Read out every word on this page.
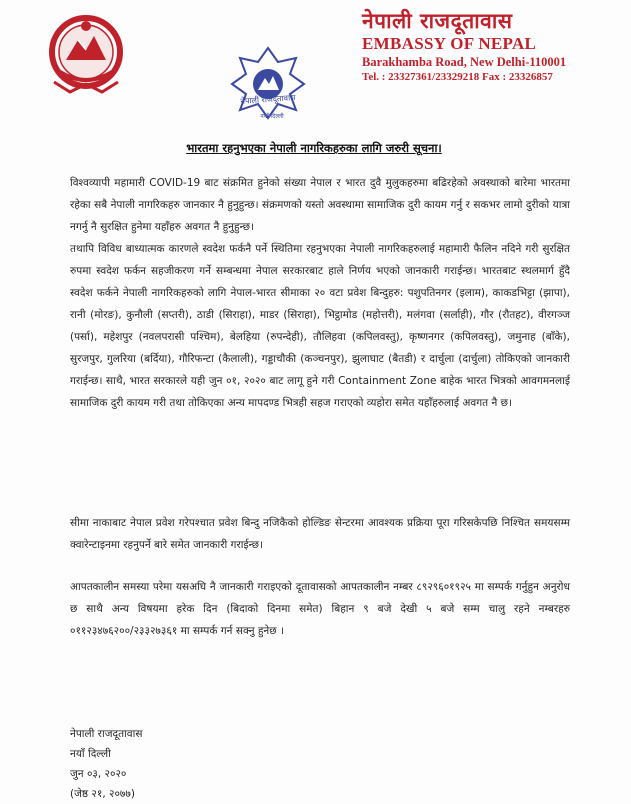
नेपाली राजदूतावास
नयाँ दिल्ली
नेपाली राजदूतावास
EMBASSY OF NEPAL
Barakhamba Road, New Delhi-110001
Tel. : 23327361/23329218 Fax : 23326857
भारतमा रहनुभएका नेपाली नागरिकहरुका लागि जरुरी सूचना।
विश्वव्यापी महामारी COVID-19 बाट संक्रमित हुनेको संख्या नेपाल र भारत दुवै मुलुकहरुमा बढिरहेको अवस्थाको बारेमा भारतमा रहेका सबै नेपाली नागरिकहरु जानकार नै हुनुहुन्छ। संक्रमणको यस्तो अवस्थामा सामाजिक दुरी कायम गर्नु र सकभर लामो दुरीको यात्रा नगर्नु नै सुरक्षित हुनेमा यहाँहरु अवगत नै हुनुहुन्छ।
तथापि विविध बाध्यात्मक कारणले स्वदेश फर्कनै पर्ने स्थितिमा रहनुभएका नेपाली नागरिकहरुलाई महामारी फैलिन नदिने गरी सुरक्षित रुपमा स्वदेश फर्कन सहजीकरण गर्ने सम्बन्धमा नेपाल सरकारबाट हाले निर्णय भएको जानकारी गराईन्छ। भारतबाट स्थलमार्ग हुँदै स्वदेश फर्कने नेपाली नागरिकहरुको लागि नेपाल-भारत सीमाका २० वटा प्रवेश बिन्दुहरु: पशुपतिनगर (इलाम), काकडभिट्टा (झापा), रानी (मोरङ), कुनौली (सप्तरी), ठाडी (सिराहा), माडर (सिराहा), भिट्ठामोड (महोत्तरी), मलंगवा (सर्लाही), गौर (रौतहट), वीरगञ्ज (पर्सा), महेशपुर (नवलपरासी पश्चिम), बेलहिया (रुपन्देही), तौलिहवा (कपिलवस्तु), कृष्णनगर (कपिलवस्तु), जमुनाह (बाँके), सुरजपुर, गुलरिया (बर्दिया), गौरिफन्टा (कैलाली), गड्डाचौकी (कञ्चनपुर), झुलाघाट (बैतडी) र दार्चुला (दार्चुला) तोकिएको जानकारी गराईन्छ। साथै, भारत सरकारले यही जुन ०१, २०२० बाट लागू हुने गरी Containment Zone बाहेक भारत भित्रको आवगमनलाई सामाजिक दुरी कायम गरी तथा तोकिएका अन्य मापदण्ड भित्रही सहज गराएको व्यहोरा समेत यहाँहरुलाई अवगत नै छ।
सीमा नाकाबाट नेपाल प्रवेश गरेपश्चात प्रवेश बिन्दु नजिकैको होल्डिङ सेन्टरमा आवश्यक प्रक्रिया पूरा गरिसकेपछि निश्चित समयसम्म क्वारेन्टाइनमा रहनुपर्ने बारे समेत जानकारी गराईन्छ।
आपतकालीन समस्या परेमा यसअघि नै जानकारी गराइएको दूतावासको आपतकालीन नम्बर ८९२९६०१९२५ मा सम्पर्क गर्नुहुन अनुरोध छ साथै अन्य विषयमा हरेक दिन (बिदाको दिनमा समेत) बिहान ९ बजे देखी ५ बजे सम्म चालु रहने नम्बरहरु ०११२३४७६२००/२३३२७३६१ मा सम्पर्क गर्न सक्नु हुनेछ ।
नेपाली राजदूतावास
नयाँ दिल्ली
जुन ०३, २०२०
(जेष्ठ २१, २०७७)
